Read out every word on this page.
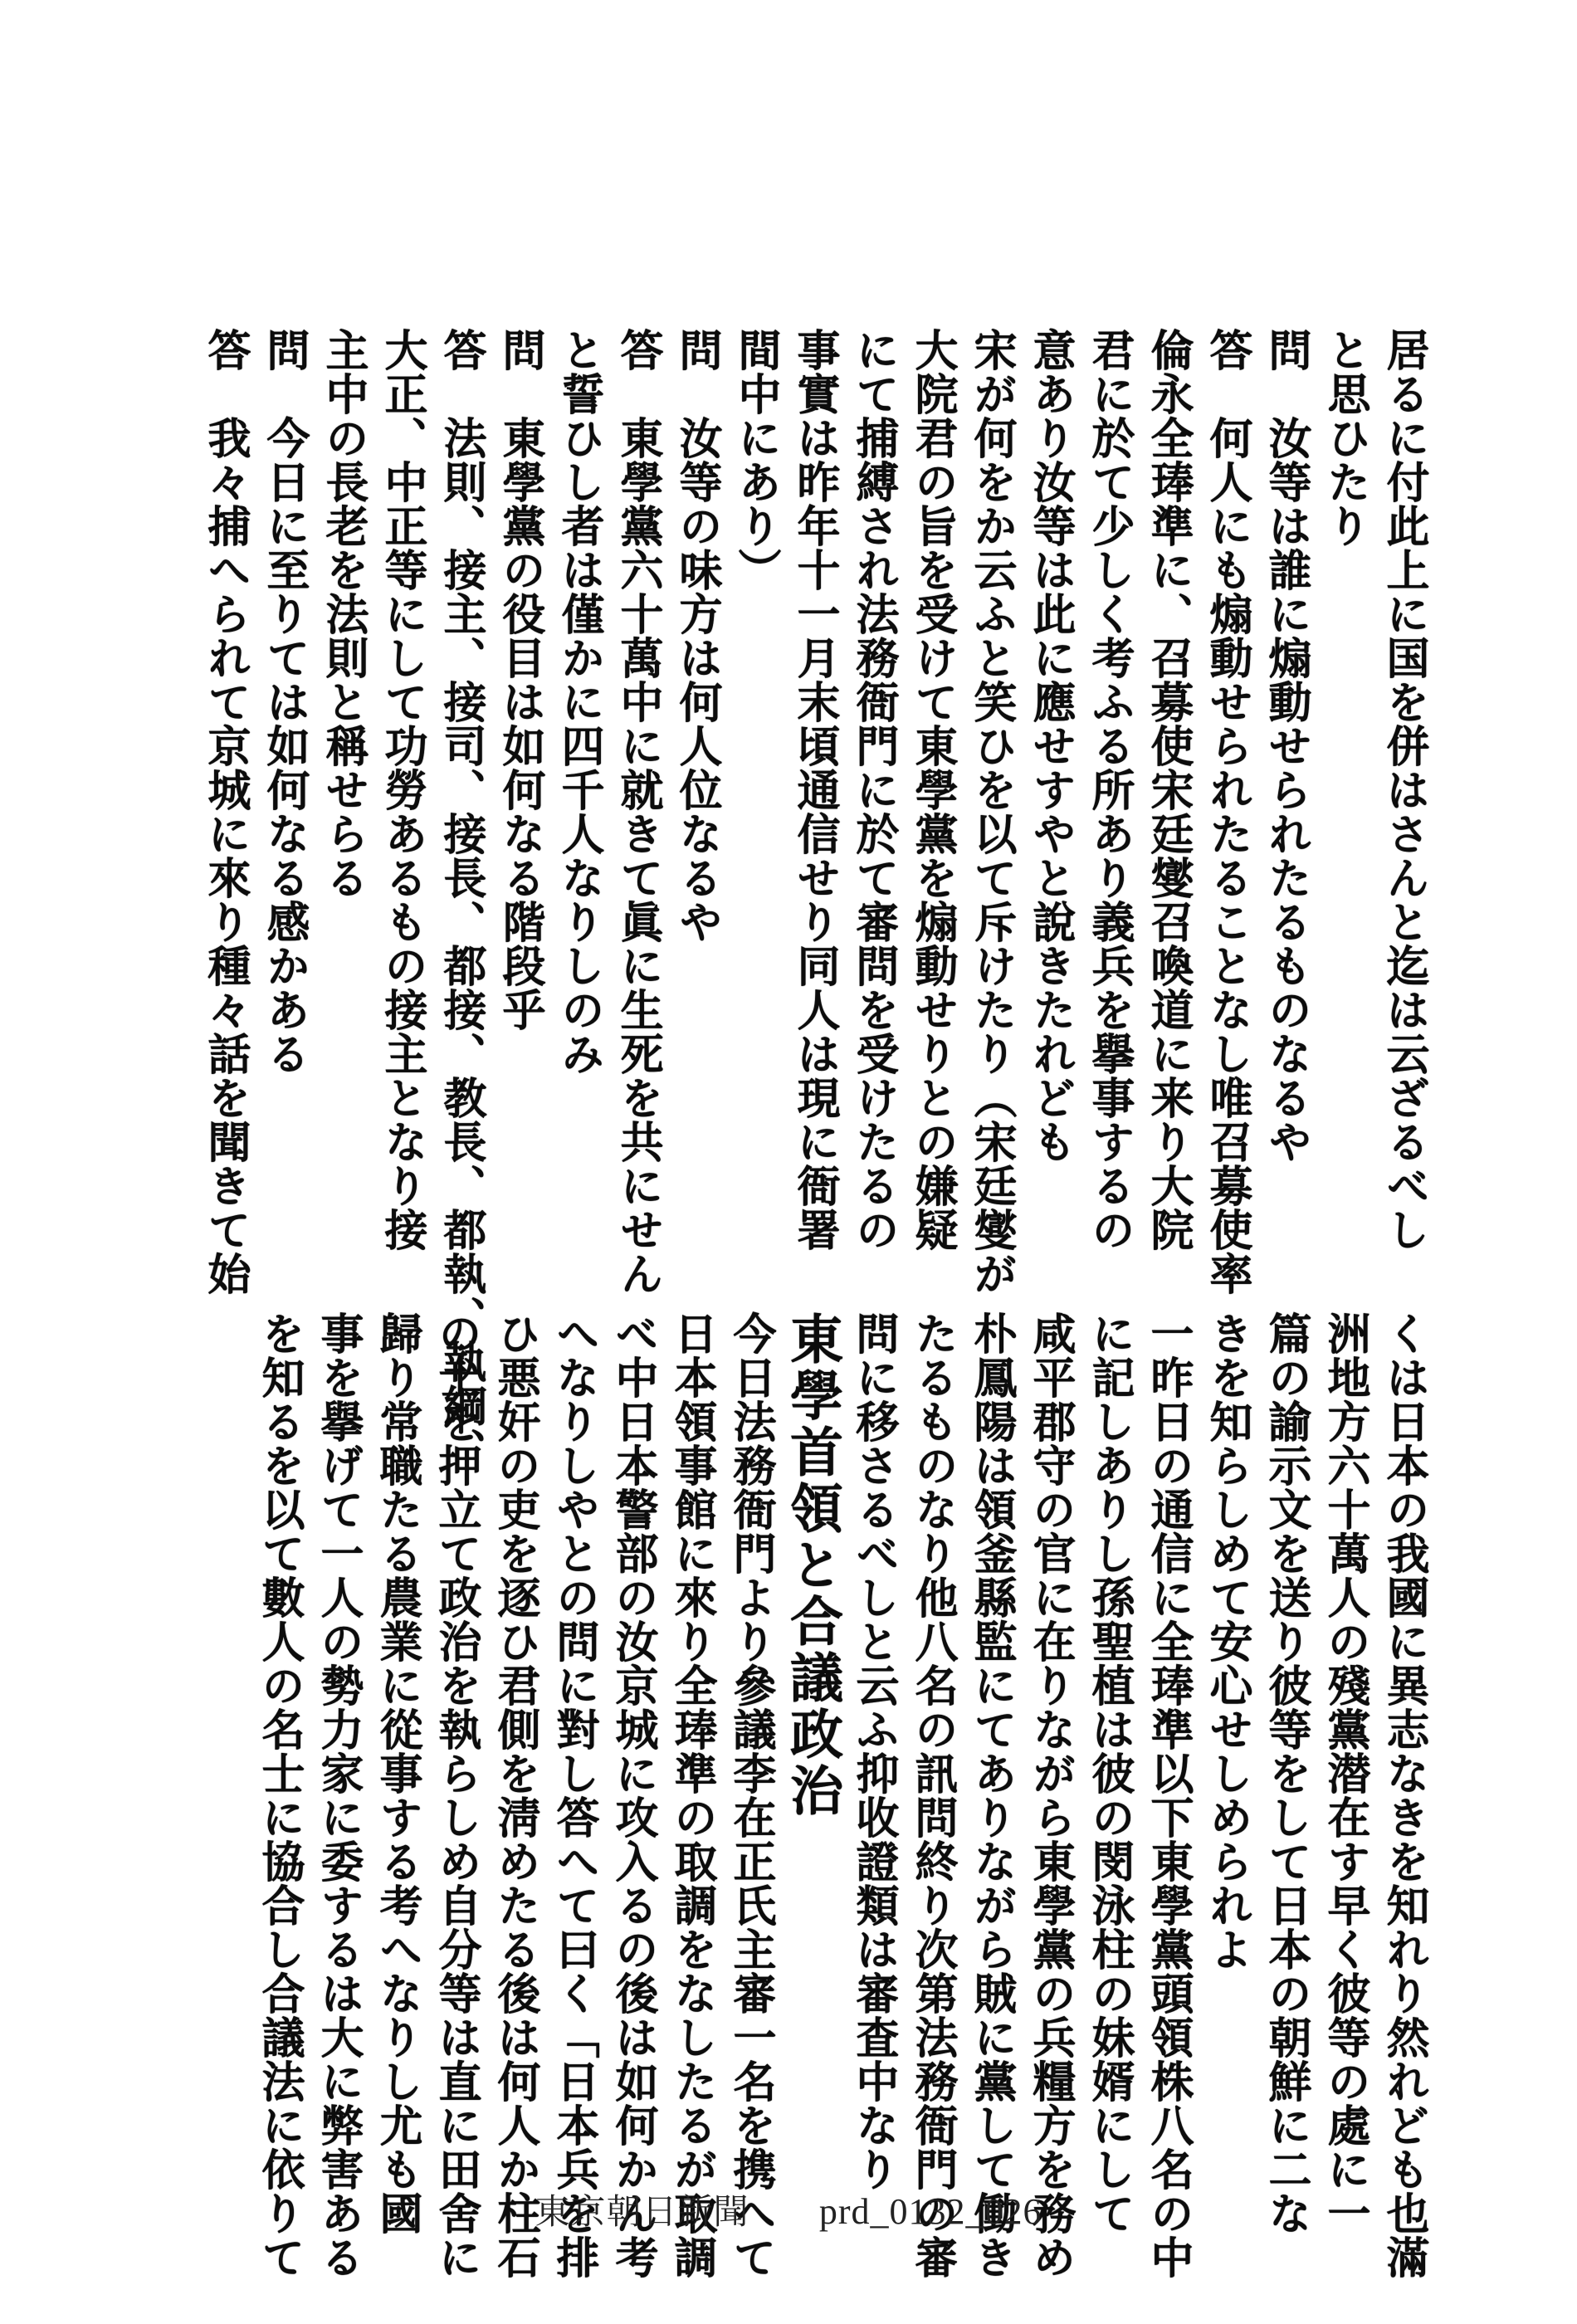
居るに付此上に国を併はさんと迄は云ざるべし
と思ひたり
問　汝等は誰に煽動せられたるものなるや
答　何人にも煽動せられたることなし唯召募使率
倫永全琫準に、召募使宋廷燮召喚道に来り大院
君に於て少しく考ふる所あり義兵を擧事するの
意あり汝等は此に應せすやと說きたれども
宋が何をか云ふと笑ひを以て斥けたり（宋廷燮が
大院君の旨を受けて東學黨を煽動せりとの嫌疑
にて捕縛され法務衙門に於て審問を受けたるの
事實は昨年十一月末頃通信せり同人は現に衙署
間中にあり）
問　汝等の味方は何人位なるや
答　東學黨六十萬中に就きて眞に生死を共にせん
と誓ひし者は僅かに四千人なりしのみ
問　東學黨の役目は如何なる階段乎
答　法則、接主、接司、接長、都接、教長、都執、執綱、
大正、中正等にして功勞あるもの接主となり接
主中の長老を法則と稱せらる
問　今日に至りては如何なる感かある
答　我々捕へられて京城に來り種々話を聞きて始
くは日本の我國に異志なきを知れり然れども也滿
洲地方六十萬人の殘黨潜在す早く彼等の處に一
篇の諭示文を送り彼等をして日本の朝鮮に二な
きを知らしめて安心せしめられよ
一昨日の通信に全琫準以下東學黨頭領株八名の中
に記しありし孫聖植は彼の閔泳柱の妹婿にして
咸平郡守の官に在りながら東學黨の兵糧方を務め
朴鳳陽は領釜縣監にてありながら賊に黨して働き
たるものなり他八名の訊問終り次第法務衙門の審
問に移さるべしと云ふ抑收證類は審査中なり
東學首領と合議政治
今日法務衙門より參議李在正氏主審一名を携へて
日本領事館に來り全琫準の取調をなしたるが取調
べ中日本警部の汝京城に攻入るの後は如何かん考
へなりしやとの問に對し答へて曰く「日本兵を排
ひ悪奸の吏を逐ひ君側を淸めたる後は何人か柱石
の士を押立て政治を執らしめ自分等は直に田舍に
歸り常職たる農業に從事する考へなりし尤も國
事を擧げて一人の勢力家に委するは大に弊害ある
を知るを以て數人の名士に協合し合議法に依りて	東京朝日新聞 prd_0132_026
